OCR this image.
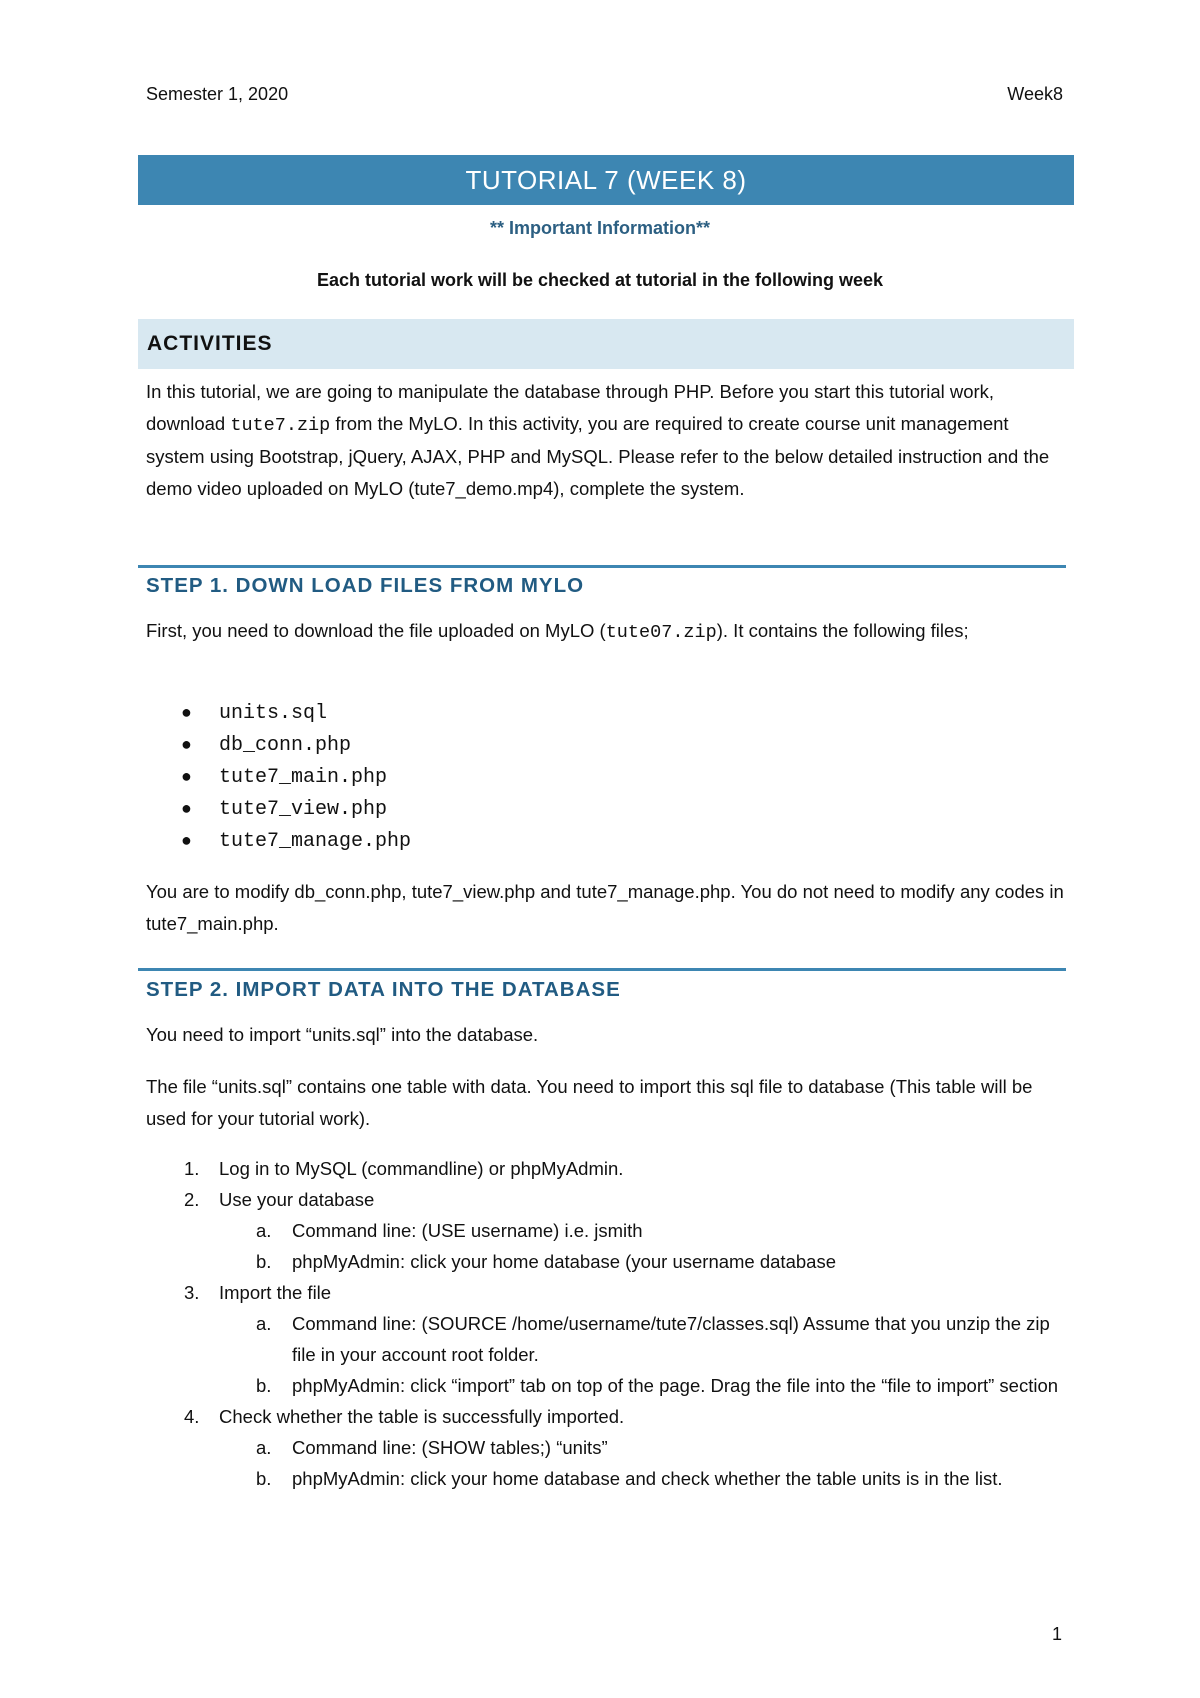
Semester 1, 2020	Week8
TUTORIAL 7 (WEEK 8)
** Important Information**
Each tutorial work will be checked at tutorial in the following week
ACTIVITIES
In this tutorial, we are going to manipulate the database through PHP. Before you start this tutorial work, download tute7.zip from the MyLO. In this activity, you are required to create course unit management system using Bootstrap, jQuery, AJAX, PHP and MySQL. Please refer to the below detailed instruction and the demo video uploaded on MyLO (tute7_demo.mp4), complete the system.
STEP 1. DOWN LOAD FILES FROM MYLO
First, you need to download the file uploaded on MyLO (tute07.zip). It contains the following files;
● units.sql
● db_conn.php
● tute7_main.php
● tute7_view.php
● tute7_manage.php
You are to modify db_conn.php, tute7_view.php and tute7_manage.php. You do not need to modify any codes in tute7_main.php.
STEP 2. IMPORT DATA INTO THE DATABASE
You need to import “units.sql” into the database.
The file “units.sql” contains one table with data. You need to import this sql file to database (This table will be used for your tutorial work).
1. Log in to MySQL (commandline) or phpMyAdmin.
2. Use your database
a. Command line: (USE username) i.e. jsmith
b. phpMyAdmin: click your home database (your username database
3. Import the file
a. Command line: (SOURCE /home/username/tute7/classes.sql) Assume that you unzip the zip file in your account root folder.
b. phpMyAdmin: click “import” tab on top of the page. Drag the file into the “file to import” section
4. Check whether the table is successfully imported.
a. Command line: (SHOW tables;) “units”
b. phpMyAdmin: click your home database and check whether the table units is in the list.
1
